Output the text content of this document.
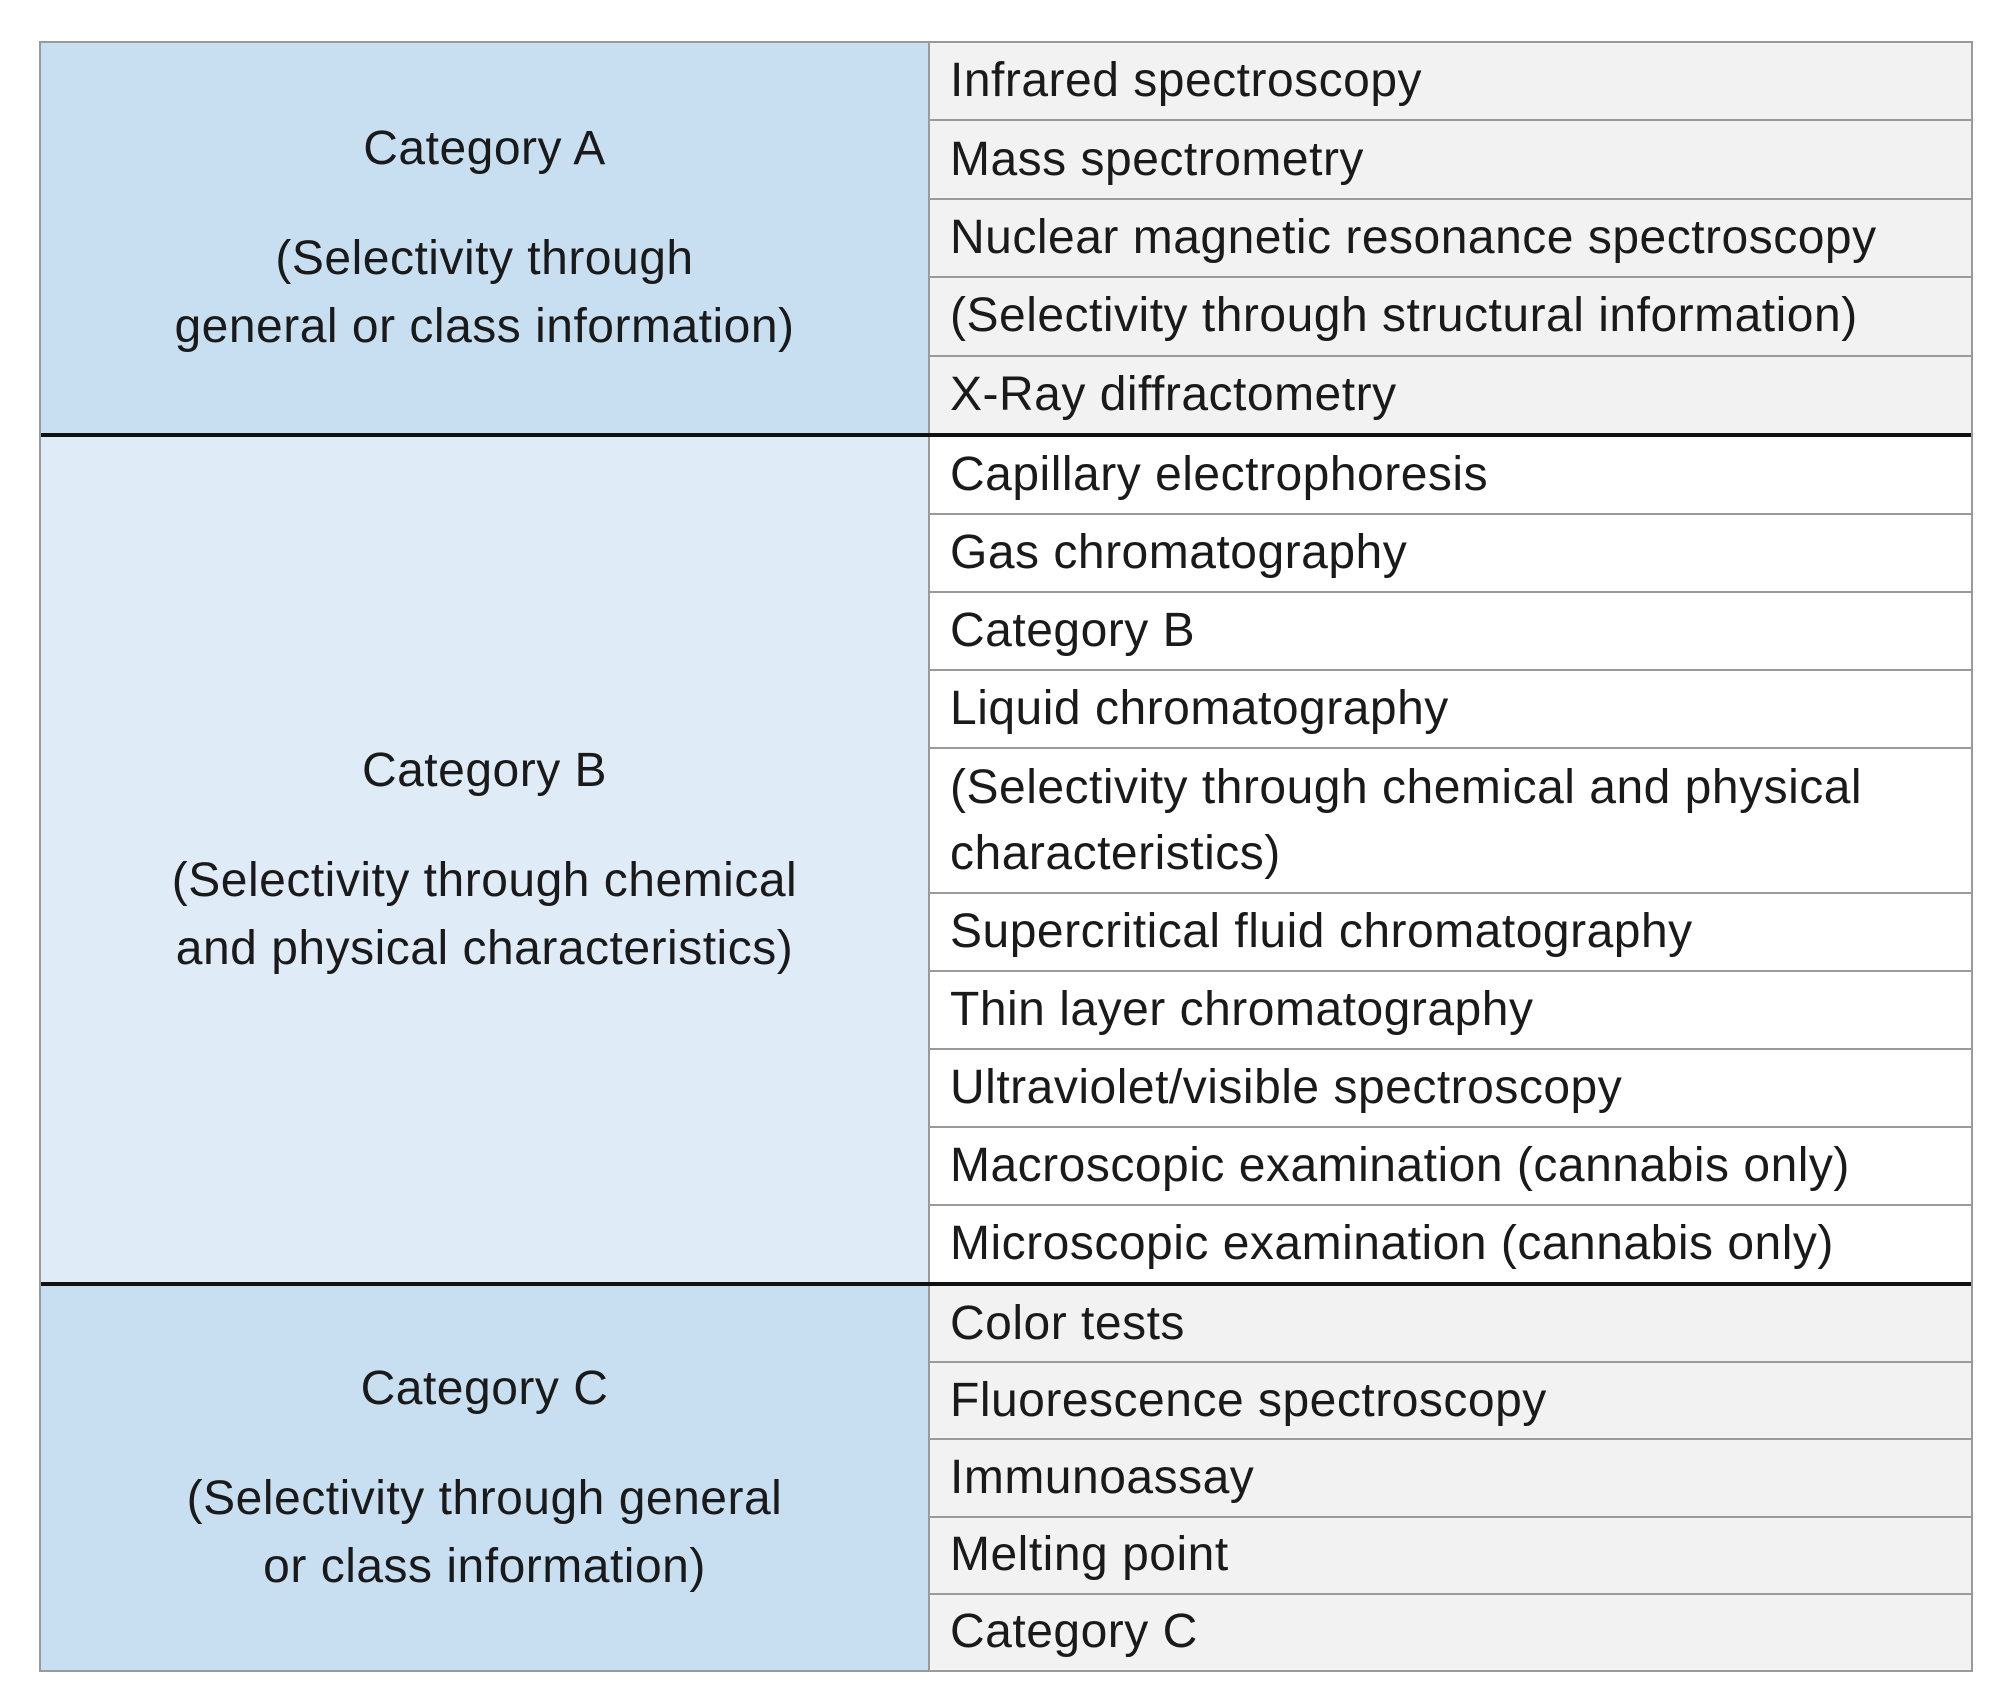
Category A
(Selectivity through
general or class information)
Infrared spectroscopy
Mass spectrometry
Nuclear magnetic resonance spectroscopy
(Selectivity through structural information)
X-Ray diffractometry
Category B
(Selectivity through chemical
and physical characteristics)
Capillary electrophoresis
Gas chromatography
Category B
Liquid chromatography
(Selectivity through chemical and physical characteristics)
Supercritical fluid chromatography
Thin layer chromatography
Ultraviolet/visible spectroscopy
Macroscopic examination (cannabis only)
Microscopic examination (cannabis only)
Category C
(Selectivity through general
or class information)
Color tests
Fluorescence spectroscopy
Immunoassay
Melting point
Category C
